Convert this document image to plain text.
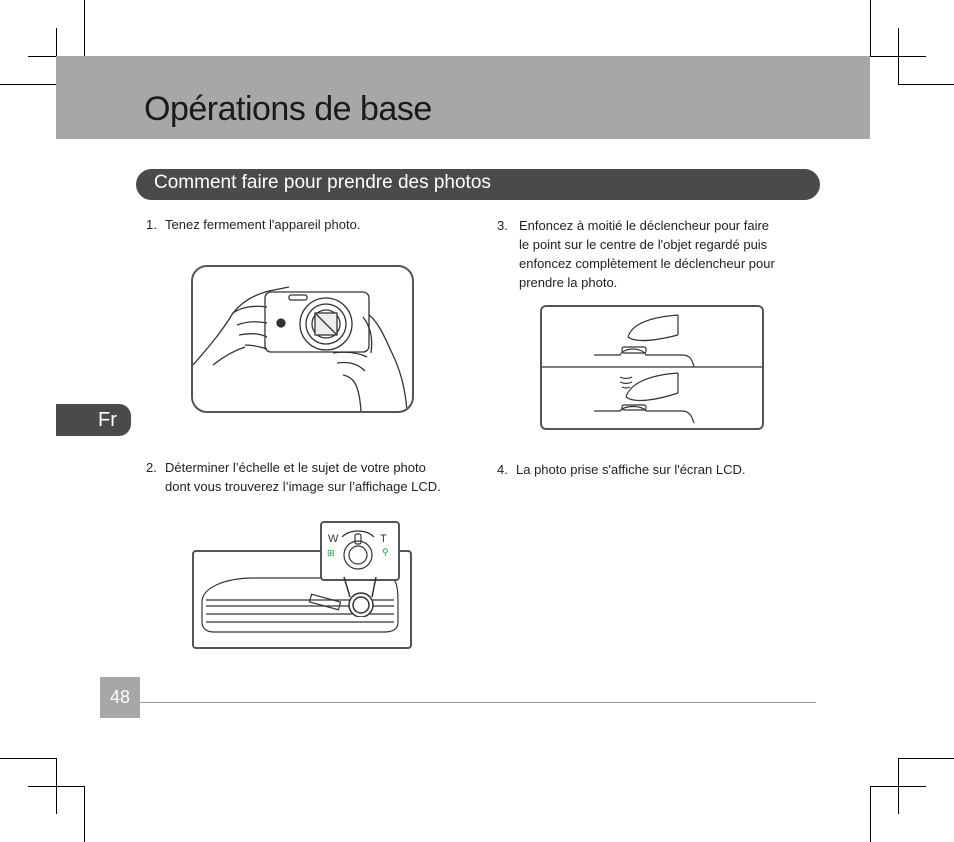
Opérations de base
Comment faire pour prendre des photos
Fr
1. Tenez fermement l'appareil photo.
2. Déterminer l’échelle et le sujet de votre photo
dont vous trouverez l’image sur l’affichage LCD.
3. Enfoncez à moitié le déclencheur pour faire
le point sur le centre de l'objet regardé puis
enfoncez complètement le déclencheur pour
prendre la photo.
4. La photo prise s'affiche sur l'écran LCD.
W
⊞
T
⚲
48
